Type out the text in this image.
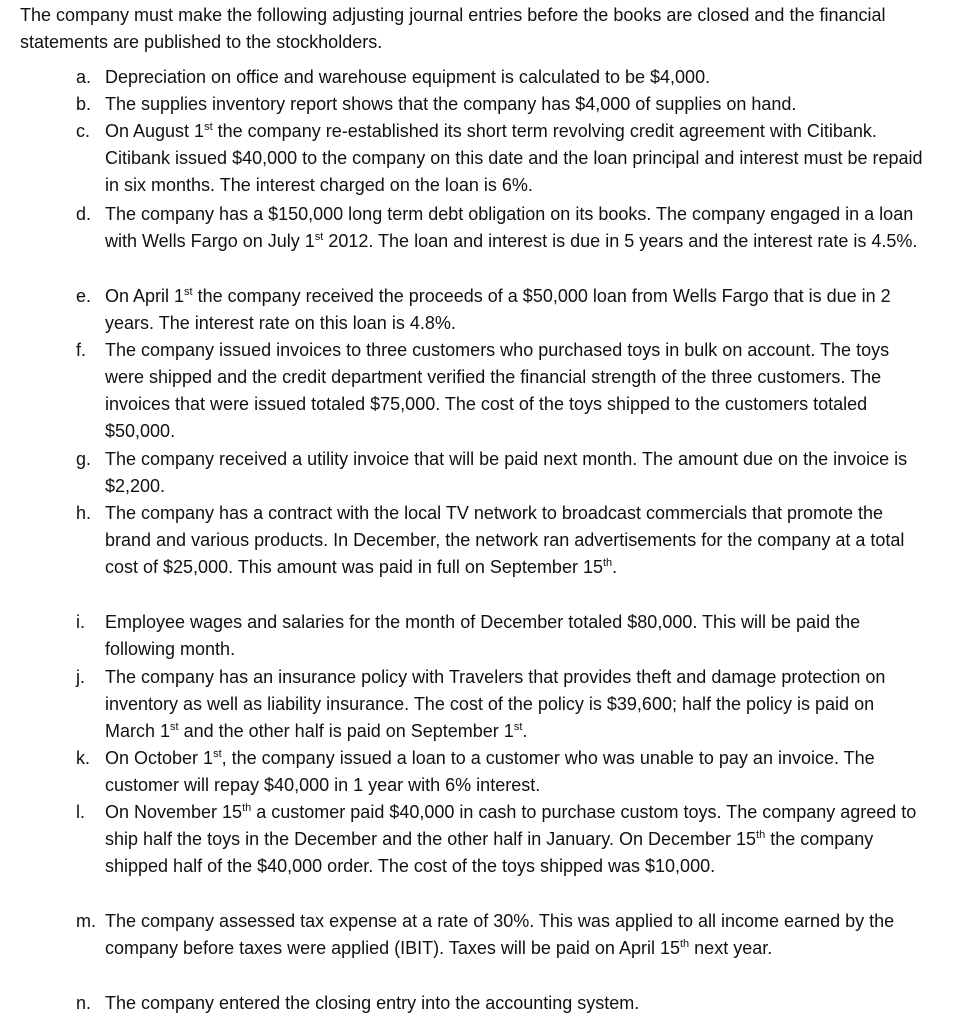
The company must make the following adjusting journal entries before the books are closed and the financial statements are published to the stockholders.

a. Depreciation on office and warehouse equipment is calculated to be $4,000.
b. The supplies inventory report shows that the company has $4,000 of supplies on hand.
c. On August 1st the company re-established its short term revolving credit agreement with Citibank. Citibank issued $40,000 to the company on this date and the loan principal and interest must be repaid in six months. The interest charged on the loan is 6%.
d. The company has a $150,000 long term debt obligation on its books. The company engaged in a loan with Wells Fargo on July 1st 2012. The loan and interest is due in 5 years and the interest rate is 4.5%.
e. On April 1st the company received the proceeds of a $50,000 loan from Wells Fargo that is due in 2 years. The interest rate on this loan is 4.8%.
f.	The company issued invoices to three customers who purchased toys in bulk on account. The toys were shipped and the credit department verified the financial strength of the three customers. The invoices that were issued totaled $75,000. The cost of the toys shipped to the customers totaled $50,000.
g. The company received a utility invoice that will be paid next month. The amount due on the invoice is $2,200.
h. The company has a contract with the local TV network to broadcast commercials that promote the brand and various products. In December, the network ran advertisements for the company at a total cost of $25,000. This amount was paid in full on September 15th.
i.	Employee wages and salaries for the month of December totaled $80,000. This will be paid the following month.
j.	The company has an insurance policy with Travelers that provides theft and damage protection on inventory as well as liability insurance. The cost of the policy is $39,600; half the policy is paid on March 1st and the other half is paid on September 1st.
k. On October 1st, the company issued a loan to a customer who was unable to pay an invoice. The customer will repay $40,000 in 1 year with 6% interest.
l.	On November 15th a customer paid $40,000 in cash to purchase custom toys. The company agreed to ship half the toys in the December and the other half in January. On December 15th the company shipped half of the $40,000 order. The cost of the toys shipped was $10,000.
m. The company assessed tax expense at a rate of 30%. This was applied to all income earned by the company before taxes were applied (IBIT). Taxes will be paid on April 15th next year.
n. The company entered the closing entry into the accounting system.
